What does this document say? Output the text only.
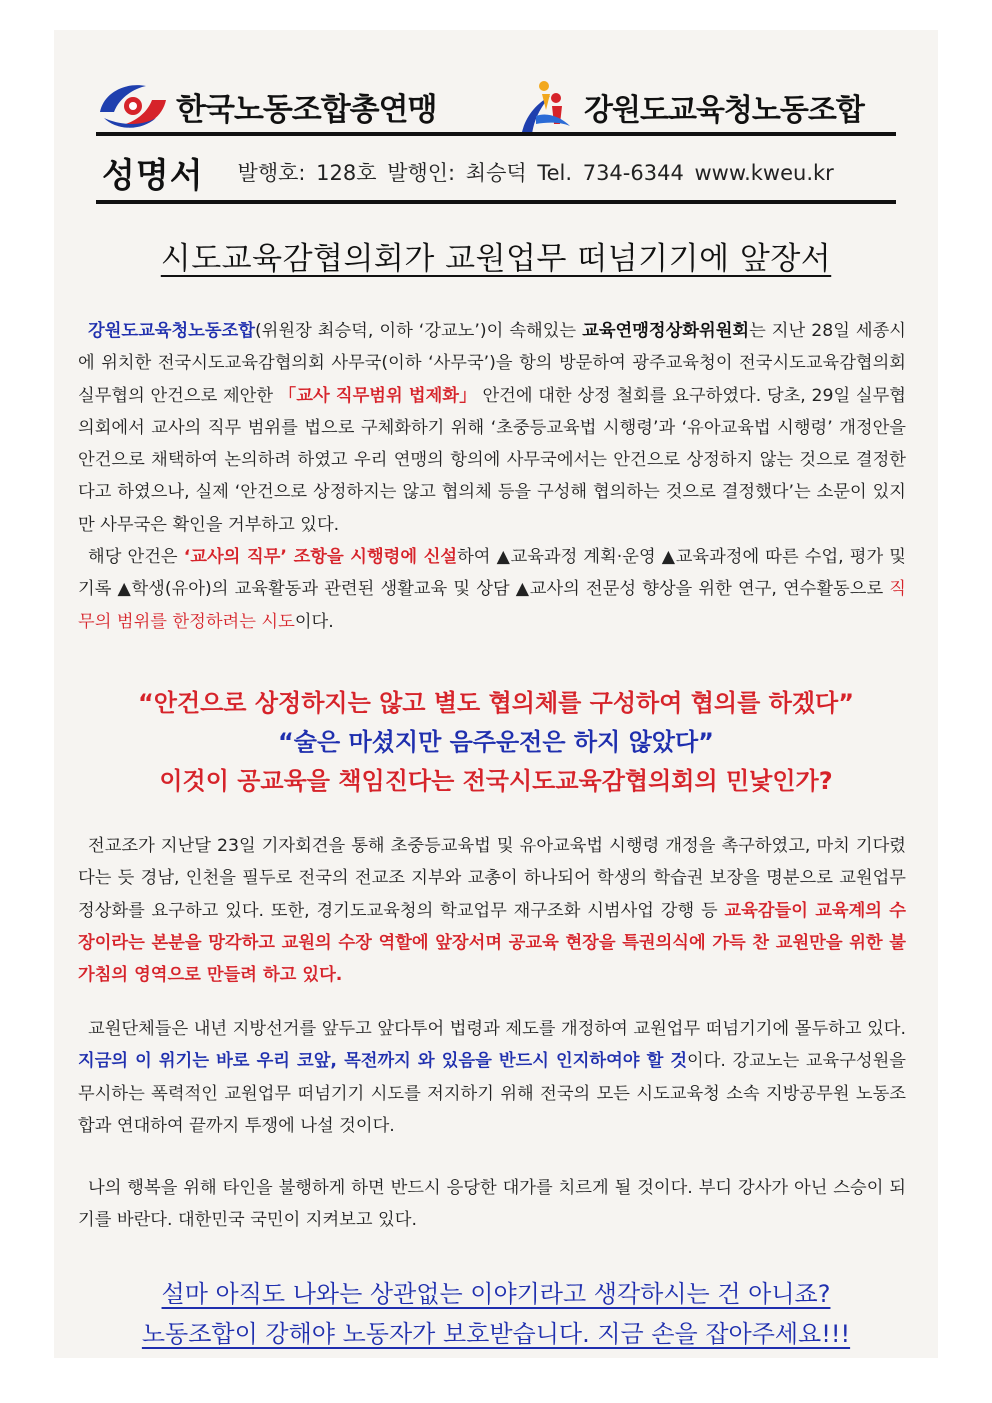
한국노동조합총연맹	강원도교육청노동조합
성명서 발행호: 128호 발행인: 최승덕 Tel. 734-6344 www.kweu.kr
시도교육감협의회가 교원업무 떠넘기기에 앞장서

강원도교육청노동조합(위원장 최승덕, 이하 ‘강교노’)이 속해있는 교육연맹정상화위원회는 지난 28일 세종시에 위치한 전국시도교육감협의회 사무국(이하 ‘사무국’)을 항의 방문하여 광주교육청이 전국시도교육감협의회 실무협의 안건으로 제안한 「교사 직무범위 법제화」 안건에 대한 상정 철회를 요구하였다. 당초, 29일 실무협의회에서 교사의 직무 범위를 법으로 구체화하기 위해 ‘초중등교육법 시행령’과 ‘유아교육법 시행령’ 개정안을 안건으로 채택하여 논의하려 하였고 우리 연맹의 항의에 사무국에서는 안건으로 상정하지 않는 것으로 결정한다고 하였으나, 실제 ‘안건으로 상정하지는 않고 협의체 등을 구성해 협의하는 것으로 결정했다’는 소문이 있지만 사무국은 확인을 거부하고 있다.

해당 안건은 ‘교사의 직무’ 조항을 시행령에 신설하여 ▲교육과정 계획·운영 ▲교육과정에 따른 수업, 평가 및 기록 ▲학생(유아)의 교육활동과 관련된 생활교육 및 상담 ▲교사의 전문성 향상을 위한 연구, 연수활동으로 직무의 범위를 한정하려는 시도이다.

“안건으로 상정하지는 않고 별도 협의체를 구성하여 협의를 하겠다”
“술은 마셨지만 음주운전은 하지 않았다”
이것이 공교육을 책임진다는 전국시도교육감협의회의 민낯인가?

전교조가 지난달 23일 기자회견을 통해 초중등교육법 및 유아교육법 시행령 개정을 촉구하였고, 마치 기다렸다는 듯 경남, 인천을 필두로 전국의 전교조 지부와 교총이 하나되어 학생의 학습권 보장을 명분으로 교원업무 정상화를 요구하고 있다. 또한, 경기도교육청의 학교업무 재구조화 시범사업 강행 등 교육감들이 교육계의 수장이라는 본분을 망각하고 교원의 수장 역할에 앞장서며 공교육 현장을 특권의식에 가득 찬 교원만을 위한 불가침의 영역으로 만들려 하고 있다.

교원단체들은 내년 지방선거를 앞두고 앞다투어 법령과 제도를 개정하여 교원업무 떠넘기기에 몰두하고 있다. 지금의 이 위기는 바로 우리 코앞, 목전까지 와 있음을 반드시 인지하여야 할 것이다. 강교노는 교육구성원을 무시하는 폭력적인 교원업무 떠넘기기 시도를 저지하기 위해 전국의 모든 시도교육청 소속 지방공무원 노동조합과 연대하여 끝까지 투쟁에 나설 것이다.

나의 행복을 위해 타인을 불행하게 하면 반드시 응당한 대가를 치르게 될 것이다. 부디 강사가 아닌 스승이 되기를 바란다. 대한민국 국민이 지켜보고 있다.

설마 아직도 나와는 상관없는 이야기라고 생각하시는 건 아니죠?
노동조합이 강해야 노동자가 보호받습니다. 지금 손을 잡아주세요!!!
